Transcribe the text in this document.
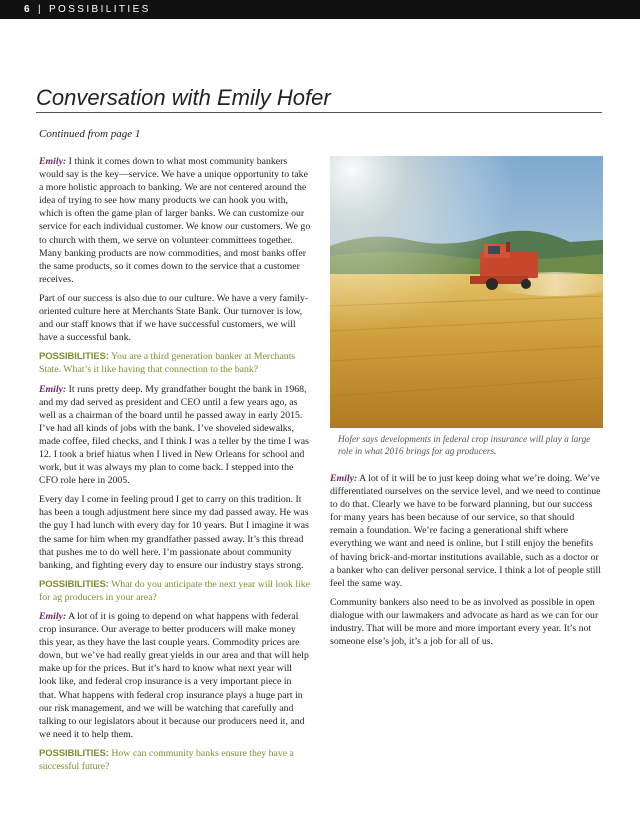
6 | POSSIBILITIES
Conversation with Emily Hofer
Continued from page 1

Emily: I think it comes down to what most community bankers would say is the key—service. We have a unique opportunity to take a more holistic approach to banking. We are not centered around the idea of trying to see how many products we can hook you with, which is often the game plan of larger banks. We can customize our service for each individual customer. We know our customers. We go to church with them, we serve on volunteer committees together. Many banking products are now commodities, and most banks offer the same products, so it comes down to the service that a customer receives.

Part of our success is also due to our culture. We have a very family-oriented culture here at Merchants State Bank. Our turnover is low, and our staff knows that if we have successful customers, we will have a successful bank.

POSSIBILITIES: You are a third generation banker at Merchants State. What’s it like having that connection to the bank?

Emily: It runs pretty deep. My grandfather bought the bank in 1968, and my dad served as president and CEO until a few years ago, as well as a chairman of the board until he passed away in early 2015. I’ve had all kinds of jobs with the bank. I’ve shoveled sidewalks, made coffee, filed checks, and I think I was a teller by the time I was 12. I took a brief hiatus when I lived in New Orleans for school and work, but it was always my plan to come back. I stepped into the CFO role here in 2005.

Every day I come in feeling proud I get to carry on this tradition. It has been a tough adjustment here since my dad passed away. He was the guy I had lunch with every day for 10 years. But I imagine it was the same for him when my grandfather passed away. It’s this thread that pushes me to do well here. I’m passionate about community banking, and fighting every day to ensure our industry stays strong.

POSSIBILITIES: What do you anticipate the next year will look like for ag producers in your area?

Emily: A lot of it is going to depend on what happens with federal crop insurance. Our average to better producers will make money this year, as they have the last couple years. Commodity prices are down, but we’ve had really great yields in our area and that will help make up for the prices. But it’s hard to know what next year will look like, and federal crop insurance is a very important piece in that. What happens with federal crop insurance plays a huge part in our risk management, and we will be watching that carefully and talking to our legislators about it because our producers need it, and we need it to help them.

POSSIBILITIES: How can community banks ensure they have a successful future?

Hofer says developments in federal crop insurance will play a large role in what 2016 brings for ag producers.

Emily: A lot of it will be to just keep doing what we’re doing. We’ve differentiated ourselves on the service level, and we need to continue to do that. Clearly we have to be forward planning, but our success for many years has been because of our service, so that should remain a foundation. We’re facing a generational shift where everything we want and need is online, but I still enjoy the benefits of having brick-and-mortar institutions available, such as a doctor or a banker who can deliver personal service. I think a lot of people still feel the same way.

Community bankers also need to be as involved as possible in open dialogue with our lawmakers and advocate as hard as we can for our industry. That will be more and more important every year. It’s not someone else’s job, it’s a job for all of us.
